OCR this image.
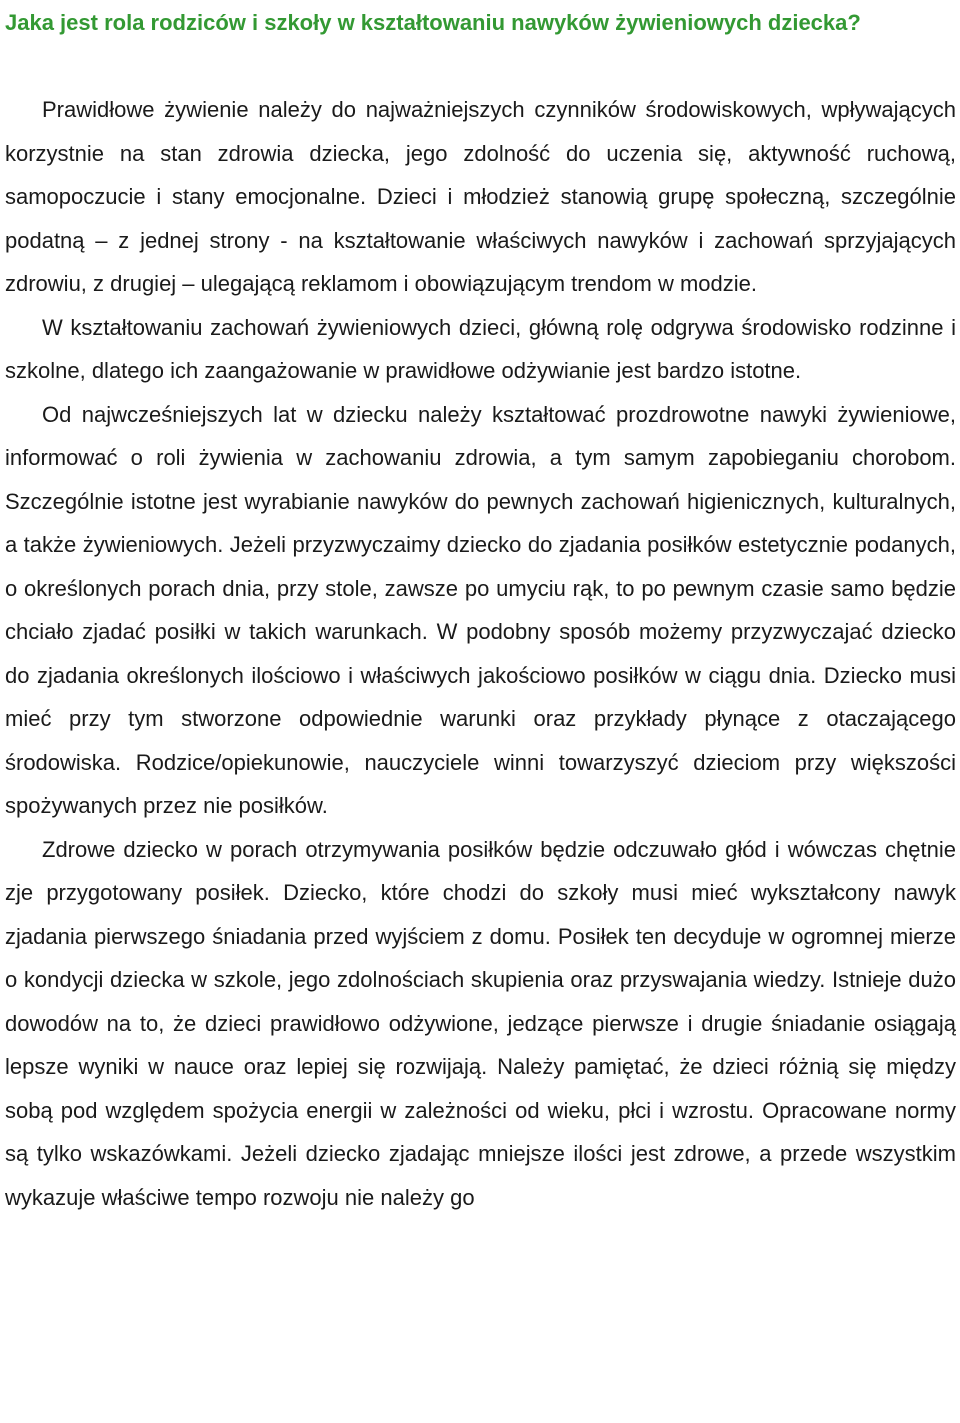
Jaka jest rola rodziców i szkoły w kształtowaniu nawyków żywieniowych dziecka?

Prawidłowe żywienie należy do najważniejszych czynników środowiskowych, wpływających korzystnie na stan zdrowia dziecka, jego zdolność do uczenia się, aktywność ruchową, samopoczucie i stany emocjonalne. Dzieci i młodzież stanowią grupę społeczną, szczególnie podatną – z jednej strony - na kształtowanie właściwych nawyków i zachowań sprzyjających zdrowiu, z drugiej – ulegającą reklamom i obowiązującym trendom w modzie.

W kształtowaniu zachowań żywieniowych dzieci, główną rolę odgrywa środowisko rodzinne i szkolne, dlatego ich zaangażowanie w prawidłowe odżywianie jest bardzo istotne.

Od najwcześniejszych lat w dziecku należy kształtować prozdrowotne nawyki żywieniowe, informować o roli żywienia w zachowaniu zdrowia, a tym samym zapobieganiu chorobom. Szczególnie istotne jest wyrabianie nawyków do pewnych zachowań higienicznych, kulturalnych, a także żywieniowych. Jeżeli przyzwyczaimy dziecko do zjadania posiłków estetycznie podanych, o określonych porach dnia, przy stole, zawsze po umyciu rąk, to po pewnym czasie samo będzie chciało zjadać posiłki w takich warunkach. W podobny sposób możemy przyzwyczajać dziecko do zjadania określonych ilościowo i właściwych jakościowo posiłków w ciągu dnia. Dziecko musi mieć przy tym stworzone odpowiednie warunki oraz przykłady płynące z otaczającego środowiska. Rodzice/opiekunowie, nauczyciele winni towarzyszyć dzieciom przy większości spożywanych przez nie posiłków.

Zdrowe dziecko w porach otrzymywania posiłków będzie odczuwało głód i wówczas chętnie zje przygotowany posiłek. Dziecko, które chodzi do szkoły musi mieć wykształcony nawyk zjadania pierwszego śniadania przed wyjściem z domu. Posiłek ten decyduje w ogromnej mierze o kondycji dziecka w szkole, jego zdolnościach skupienia oraz przyswajania wiedzy. Istnieje dużo dowodów na to, że dzieci prawidłowo odżywione, jedzące pierwsze i drugie śniadanie osiągają lepsze wyniki w nauce oraz lepiej się rozwijają. Należy pamiętać, że dzieci różnią się między sobą pod względem spożycia energii w zależności od wieku, płci i wzrostu. Opracowane normy są tylko wskazówkami. Jeżeli dziecko zjadając mniejsze ilości jest zdrowe, a przede wszystkim wykazuje właściwe tempo rozwoju nie należy go
